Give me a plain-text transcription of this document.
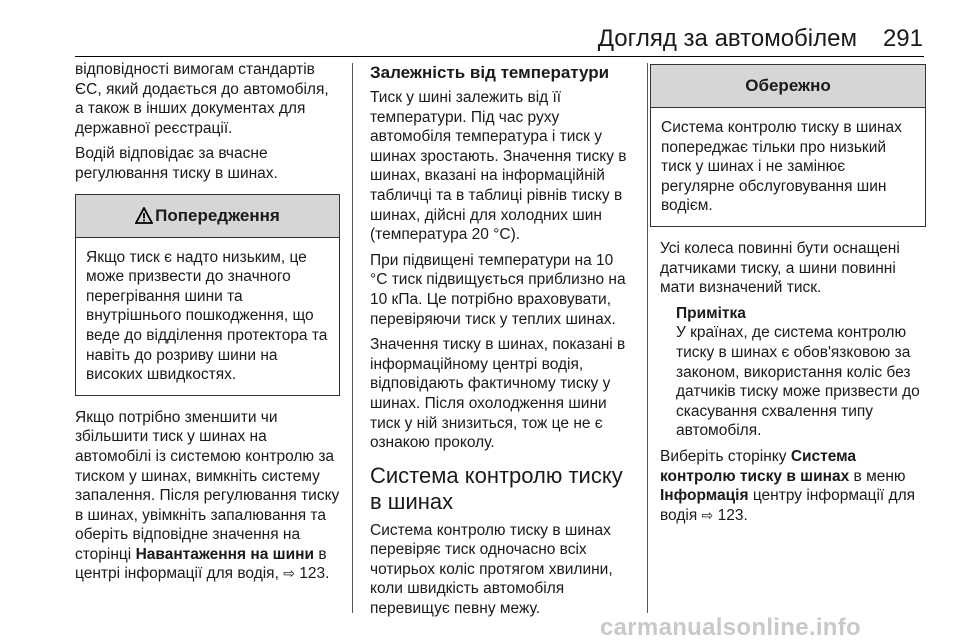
Догляд за автомобілем 291

відповідності вимогам стандартів ЄС, який додається до автомобіля, а також в інших документах для державної реєстрації.

Водій відповідає за вчасне регулювання тиску в шинах.

Попередження
Якщо тиск є надто низьким, це може призвести до значного перегрівання шини та внутрішнього пошкодження, що веде до відділення протектора та навіть до розриву шини на високих швидкостях.

Якщо потрібно зменшити чи збільшити тиск у шинах на автомобілі із системою контролю за тиском у шинах, вимкніть систему запалення. Після регулювання тиску в шинах, увімкніть запалювання та оберіть відповідне значення на сторінці Навантаження на шини в центрі інформації для водія, ⇨ 123.

Залежність від температури

Тиск у шині залежить від її температури. Під час руху автомобіля температура і тиск у шинах зростають. Значення тиску в шинах, вказані на інформаційній табличці та в таблиці рівнів тиску в шинах, дійсні для холодних шин (температура 20 °C).

При підвищені температури на 10 °C тиск підвищується приблизно на 10 кПа. Це потрібно враховувати, перевіряючи тиск у теплих шинах.

Значення тиску в шинах, показані в інформаційному центрі водія, відповідають фактичному тиску у шинах. Після охолодження шини тиск у ній знизиться, тож це не є ознакою проколу.

Система контролю тиску в шинах

Система контролю тиску в шинах перевіряє тиск одночасно всіх чотирьох коліс протягом хвилини, коли швидкість автомобіля перевищує певну межу.

Обережно
Система контролю тиску в шинах попереджає тільки про низький тиск у шинах і не замінює регулярне обслуговування шин водієм.

Усі колеса повинні бути оснащені датчиками тиску, а шини повинні мати визначений тиск.

Примітка
У країнах, де система контролю тиску в шинах є обов'язковою за законом, використання коліс без датчиків тиску може призвести до скасування схвалення типу автомобіля.

Виберіть сторінку Система контролю тиску в шинах в меню Інформація центру інформації для водія ⇨ 123.

carmanualsonline.info
